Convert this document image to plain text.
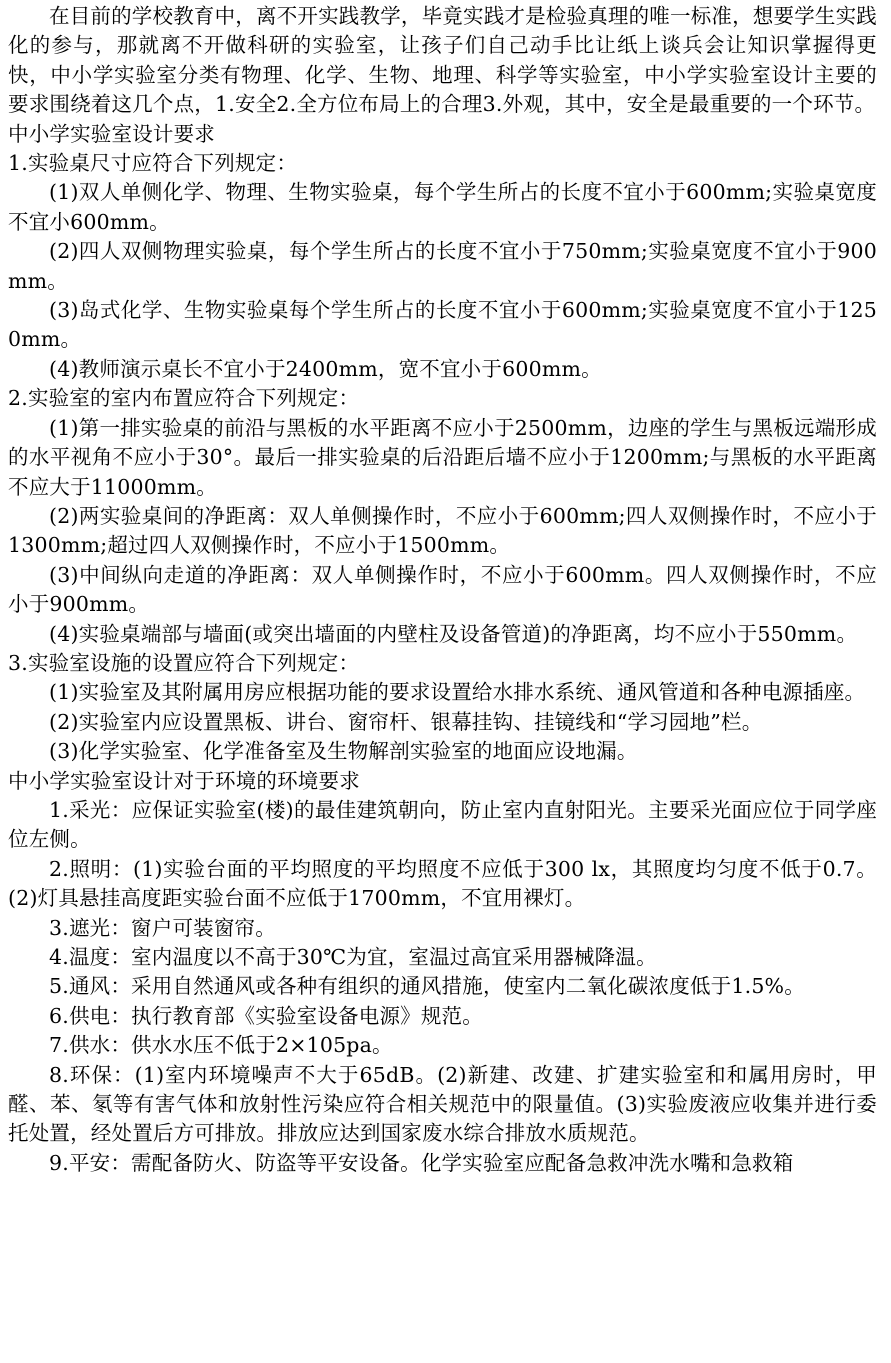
在目前的学校教育中，离不开实践教学，毕竟实践才是检验真理的唯一标准，想要学生实践化的参与，那就离不开做科研的实验室，让孩子们自己动手比让纸上谈兵会让知识掌握得更快，中小学实验室分类有物理、化学、生物、地理、科学等实验室，中小学实验室设计主要的要求围绕着这几个点，1.安全2.全方位布局上的合理3.外观，其中，安全是最重要的一个环节。

中小学实验室设计要求

1.实验桌尺寸应符合下列规定：

(1)双人单侧化学、物理、生物实验桌，每个学生所占的长度不宜小于600mm;实验桌宽度不宜小600mm。

(2)四人双侧物理实验桌，每个学生所占的长度不宜小于750mm;实验桌宽度不宜小于900mm。

(3)岛式化学、生物实验桌每个学生所占的长度不宜小于600mm;实验桌宽度不宜小于1250mm。

(4)教师演示桌长不宜小于2400mm，宽不宜小于600mm。

2.实验室的室内布置应符合下列规定：

(1)第一排实验桌的前沿与黑板的水平距离不应小于2500mm，边座的学生与黑板远端形成的水平视角不应小于30°。最后一排实验桌的后沿距后墙不应小于1200mm;与黑板的水平距离不应大于11000mm。

(2)两实验桌间的净距离：双人单侧操作时，不应小于600mm;四人双侧操作时，不应小于1300mm;超过四人双侧操作时，不应小于1500mm。

(3)中间纵向走道的净距离：双人单侧操作时，不应小于600mm。四人双侧操作时，不应小于900mm。

(4)实验桌端部与墙面(或突出墙面的内壁柱及设备管道)的净距离，均不应小于550mm。

3.实验室设施的设置应符合下列规定：

(1)实验室及其附属用房应根据功能的要求设置给水排水系统、通风管道和各种电源插座。

(2)实验室内应设置黑板、讲台、窗帘杆、银幕挂钩、挂镜线和“学习园地”栏。

(3)化学实验室、化学准备室及生物解剖实验室的地面应设地漏。

中小学实验室设计对于环境的环境要求

1.采光：应保证实验室(楼)的最佳建筑朝向，防止室内直射阳光。主要采光面应位于同学座位左侧。

2.照明：(1)实验台面的平均照度的平均照度不应低于300 lx，其照度均匀度不低于0.7。(2)灯具悬挂高度距实验台面不应低于1700mm，不宜用裸灯。

3.遮光：窗户可装窗帘。

4.温度：室内温度以不高于30℃为宜，室温过高宜采用器械降温。

5.通风：采用自然通风或各种有组织的通风措施，使室内二氧化碳浓度低于1.5%。

6.供电：执行教育部《实验室设备电源》规范。

7.供水：供水水压不低于2×105pa。

8.环保：(1)室内环境噪声不大于65dB。(2)新建、改建、扩建实验室和和属用房时，甲醛、苯、氡等有害气体和放射性污染应符合相关规范中的限量值。(3)实验废液应收集并进行委托处置，经处置后方可排放。排放应达到国家废水综合排放水质规范。

9.平安：需配备防火、防盗等平安设备。化学实验室应配备急救冲洗水嘴和急救箱
